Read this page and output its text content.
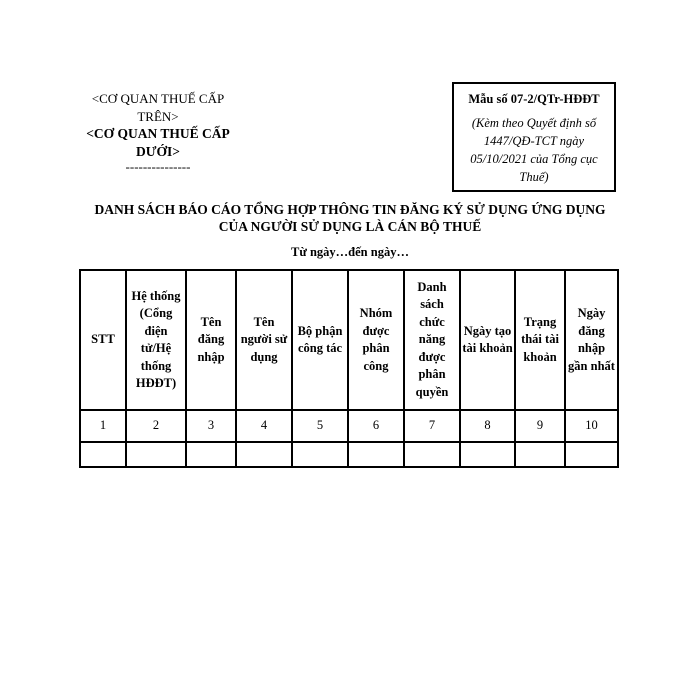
<CƠ QUAN THUẾ CẤP
TRÊN>
<CƠ QUAN THUẾ CẤP
DƯỚI>
---------------
Mẫu số 07-2/QTr-HĐĐT
(Kèm theo Quyết định số 1447/QĐ-TCT ngày 05/10/2021 của Tổng cục Thuế)
DANH SÁCH BÁO CÁO TỔNG HỢP THÔNG TIN ĐĂNG KÝ SỬ DỤNG ỨNG DỤNG
CỦA NGƯỜI SỬ DỤNG LÀ CÁN BỘ THUẾ
Từ ngày…đến ngày…
STT	Hệ thống (Cổng điện tử/Hệ thống HĐĐT)	Tên đăng nhập	Tên người sử dụng	Bộ phận công tác	Nhóm được phân công	Danh sách chức năng được phân quyền	Ngày tạo tài khoản	Trạng thái tài khoản	Ngày đăng nhập gần nhất
1	2	3	4	5	6	7	8	9	10
